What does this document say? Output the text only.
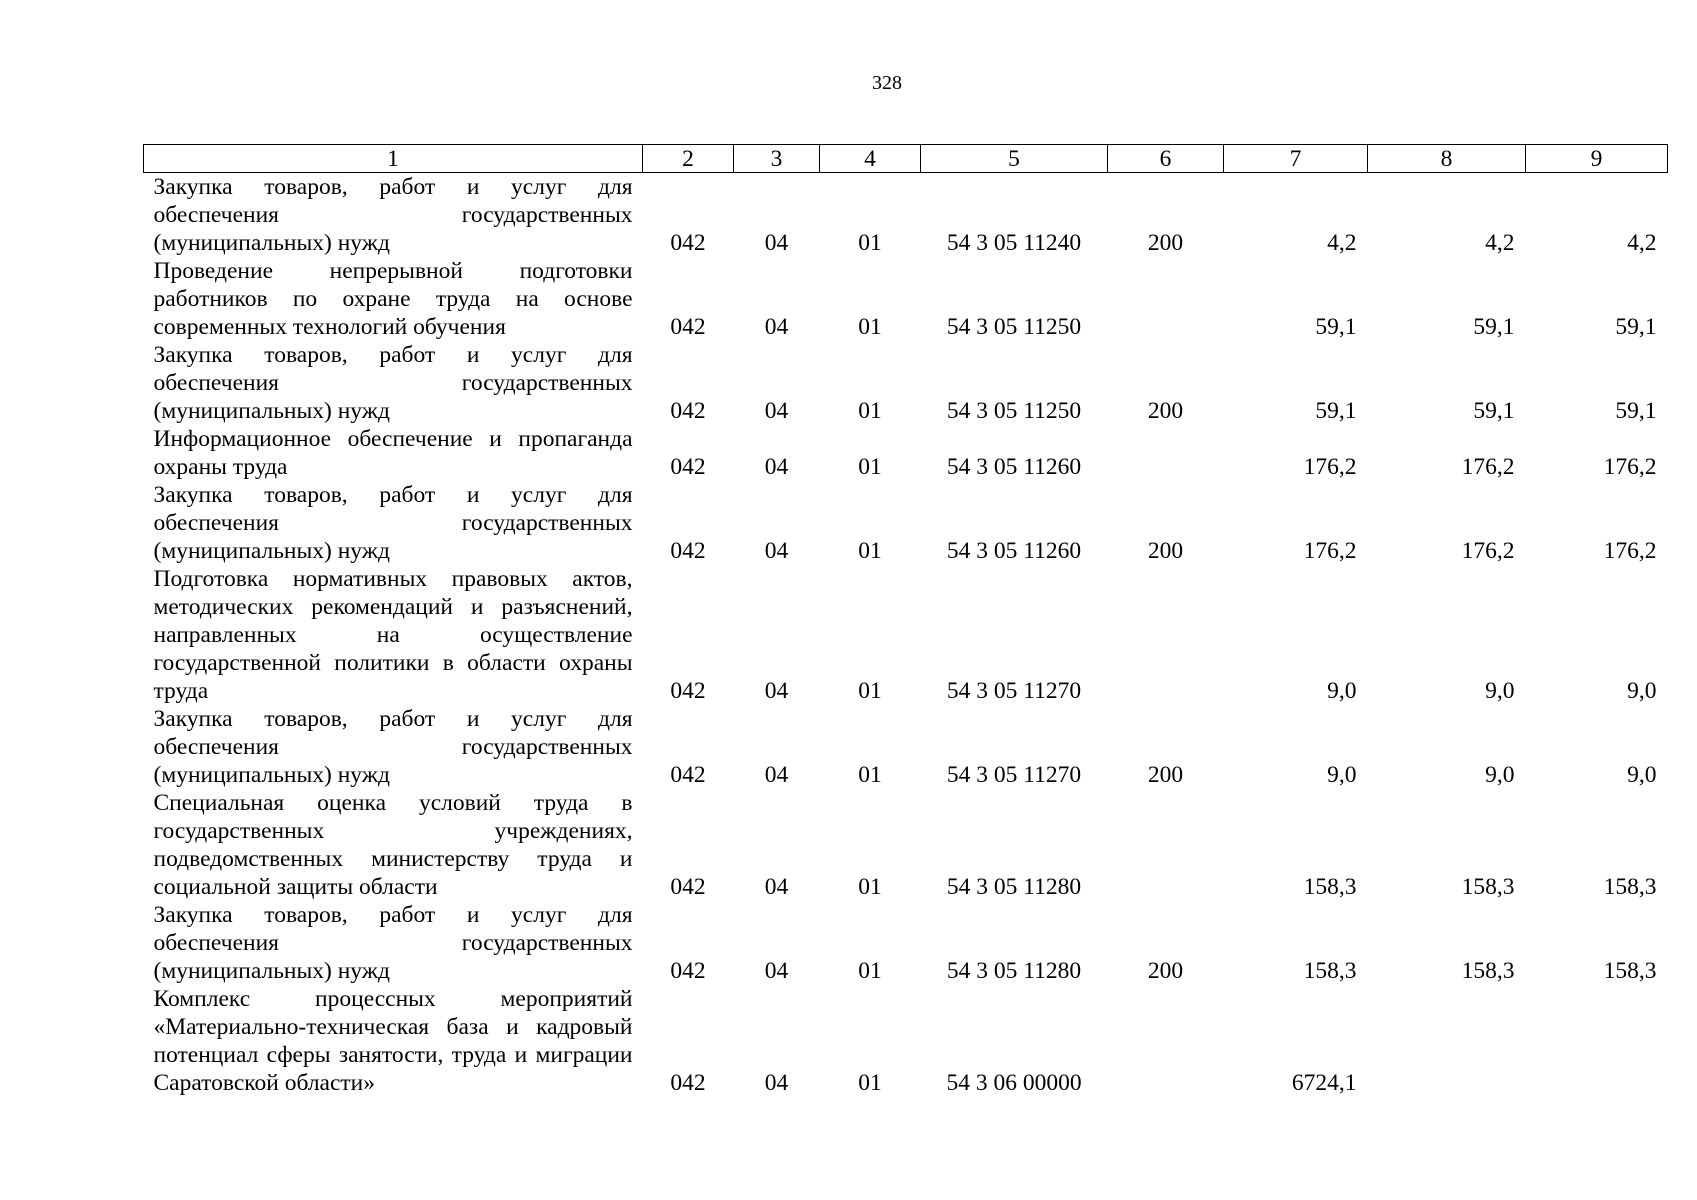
328
1	2	3	4	5	6	7	8	9
Закупка товаров, работ и услуг для обеспечения государственных (муниципальных) нужд	042	04	01	54 3 05 11240	200	4,2	4,2	4,2
Проведение непрерывной подготовки работников по охране труда на основе современных технологий обучения	042	04	01	54 3 05 11250		59,1	59,1	59,1
Закупка товаров, работ и услуг для обеспечения государственных (муниципальных) нужд	042	04	01	54 3 05 11250	200	59,1	59,1	59,1
Информационное обеспечение и пропаганда охраны труда	042	04	01	54 3 05 11260		176,2	176,2	176,2
Закупка товаров, работ и услуг для обеспечения государственных (муниципальных) нужд	042	04	01	54 3 05 11260	200	176,2	176,2	176,2
Подготовка нормативных правовых актов, методических рекомендаций и разъяснений, направленных на осуществление государственной политики в области охраны труда	042	04	01	54 3 05 11270		9,0	9,0	9,0
Закупка товаров, работ и услуг для обеспечения государственных (муниципальных) нужд	042	04	01	54 3 05 11270	200	9,0	9,0	9,0
Специальная оценка условий труда в государственных учреждениях, подведомственных министерству труда и социальной защиты области	042	04	01	54 3 05 11280		158,3	158,3	158,3
Закупка товаров, работ и услуг для обеспечения государственных (муниципальных) нужд	042	04	01	54 3 05 11280	200	158,3	158,3	158,3
Комплекс процессных мероприятий «Материально-техническая база и кадровый потенциал сферы занятости, труда и миграции Саратовской области»	042	04	01	54 3 06 00000		6724,1		
